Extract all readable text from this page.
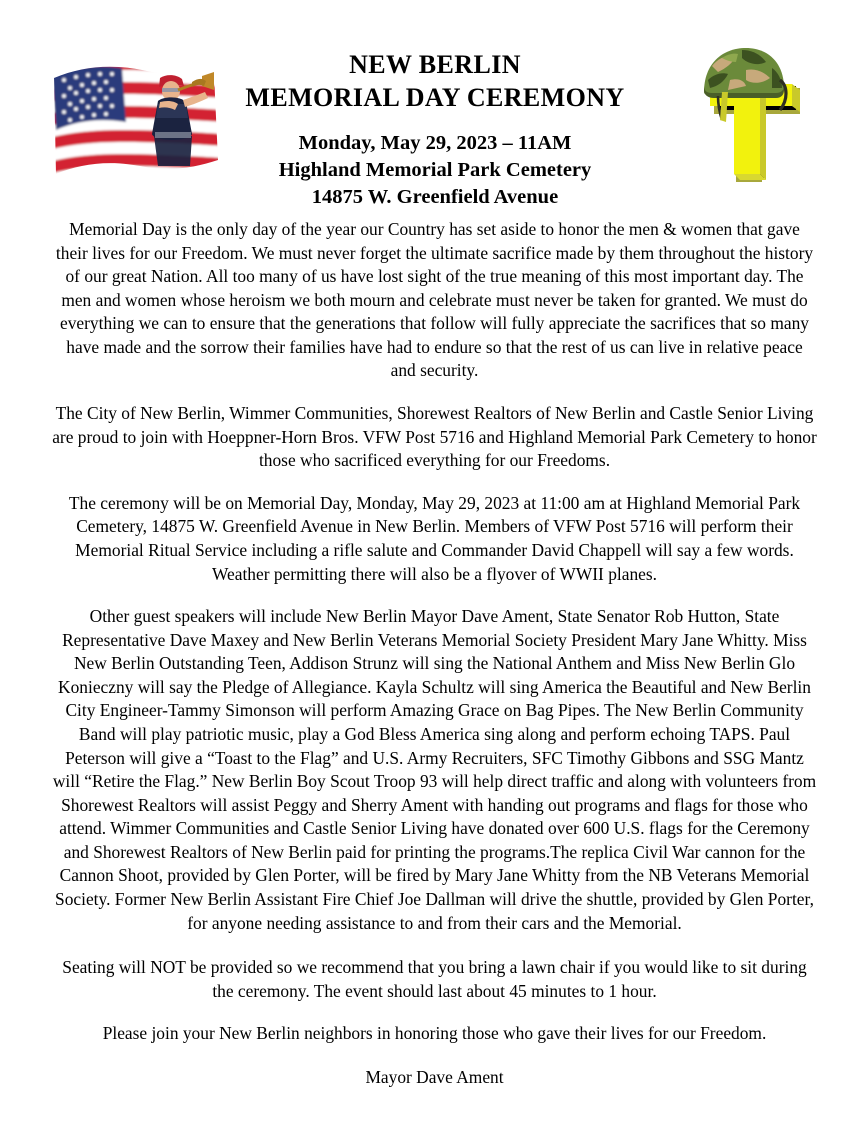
NEW BERLIN
MEMORIAL DAY CEREMONY
Monday, May 29, 2023 – 11AM
Highland Memorial Park Cemetery
14875 W. Greenfield Avenue

Memorial Day is the only day of the year our Country has set aside to honor the men & women that gave their lives for our Freedom. We must never forget the ultimate sacrifice made by them throughout the history of our great Nation. All too many of us have lost sight of the true meaning of this most important day. The men and women whose heroism we both mourn and celebrate must never be taken for granted. We must do everything we can to ensure that the generations that follow will fully appreciate the sacrifices that so many have made and the sorrow their families have had to endure so that the rest of us can live in relative peace and security.

The City of New Berlin, Wimmer Communities, Shorewest Realtors of New Berlin and Castle Senior Living are proud to join with Hoeppner-Horn Bros. VFW Post 5716 and Highland Memorial Park Cemetery to honor those who sacrificed everything for our Freedoms.

The ceremony will be on Memorial Day, Monday, May 29, 2023 at 11:00 am at Highland Memorial Park Cemetery, 14875 W. Greenfield Avenue in New Berlin. Members of VFW Post 5716 will perform their Memorial Ritual Service including a rifle salute and Commander David Chappell will say a few words. Weather permitting there will also be a flyover of WWII planes.

Other guest speakers will include New Berlin Mayor Dave Ament, State Senator Rob Hutton, State Representative Dave Maxey and New Berlin Veterans Memorial Society President Mary Jane Whitty. Miss New Berlin Outstanding Teen, Addison Strunz will sing the National Anthem and Miss New Berlin Glo Konieczny will say the Pledge of Allegiance. Kayla Schultz will sing America the Beautiful and New Berlin City Engineer-Tammy Simonson will perform Amazing Grace on Bag Pipes. The New Berlin Community Band will play patriotic music, play a God Bless America sing along and perform echoing TAPS. Paul Peterson will give a “Toast to the Flag” and U.S. Army Recruiters, SFC Timothy Gibbons and SSG Mantz will “Retire the Flag.” New Berlin Boy Scout Troop 93 will help direct traffic and along with volunteers from Shorewest Realtors will assist Peggy and Sherry Ament with handing out programs and flags for those who attend. Wimmer Communities and Castle Senior Living have donated over 600 U.S. flags for the Ceremony and Shorewest Realtors of New Berlin paid for printing the programs.The replica Civil War cannon for the Cannon Shoot, provided by Glen Porter, will be fired by Mary Jane Whitty from the NB Veterans Memorial Society. Former New Berlin Assistant Fire Chief Joe Dallman will drive the shuttle, provided by Glen Porter, for anyone needing assistance to and from their cars and the Memorial.

Seating will NOT be provided so we recommend that you bring a lawn chair if you would like to sit during the ceremony. The event should last about 45 minutes to 1 hour.

Please join your New Berlin neighbors in honoring those who gave their lives for our Freedom.

Mayor Dave Ament
